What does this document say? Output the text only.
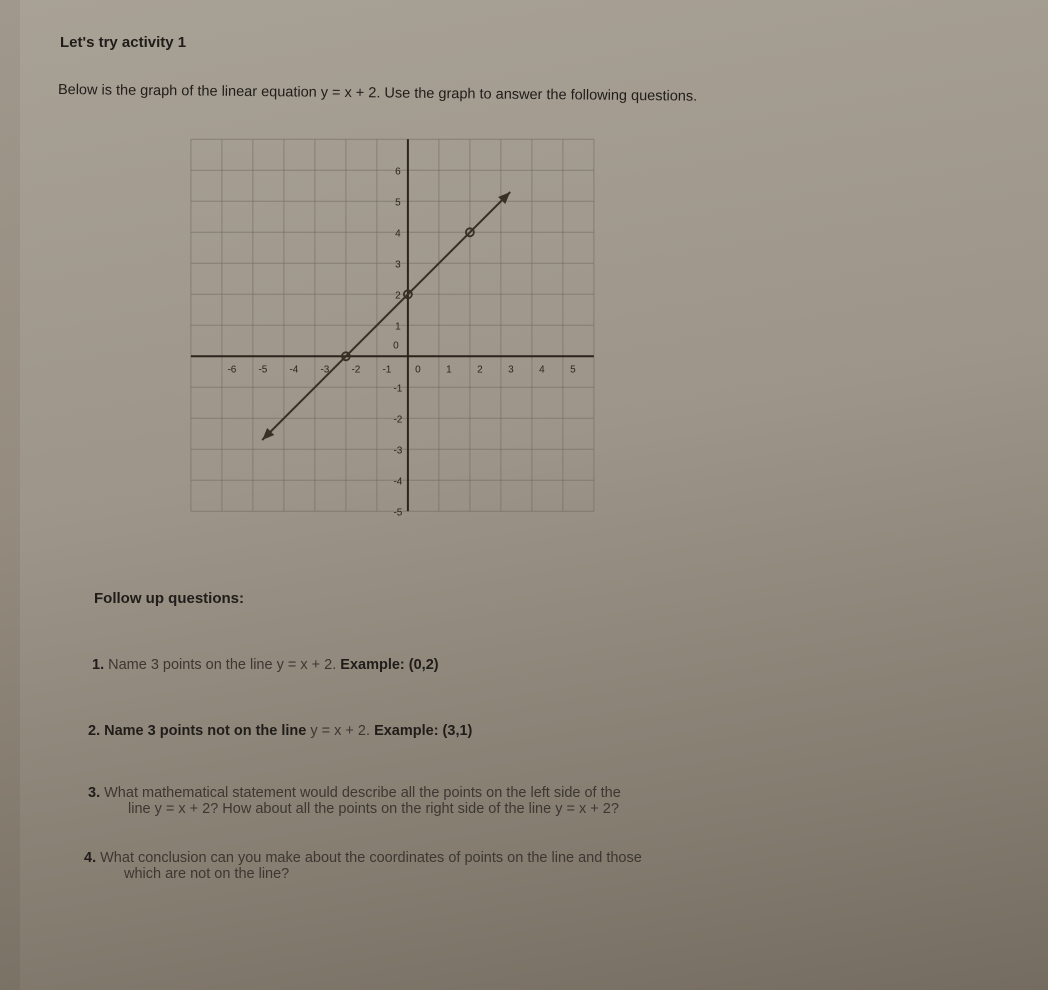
Let's try activity 1
Below is the graph of the linear equation y = x + 2. Use the graph to answer the following questions.
-6 -5 -4 -3 -2 -1 0	1	2	3	4	5
6
5
4
3
2
1
0
-1
-2
-3
-4
-5
Follow up questions:
1. Name 3 points on the line y = x + 2. Example: (0,2)
2. Name 3 points not on the line y = x + 2. Example: (3,1)
3. What mathematical statement would describe all the points on the left side of the
line y = x + 2? How about all the points on the right side of the line y = x + 2?
4. What conclusion can you make about the coordinates of points on the line and those
which are not on the line?
